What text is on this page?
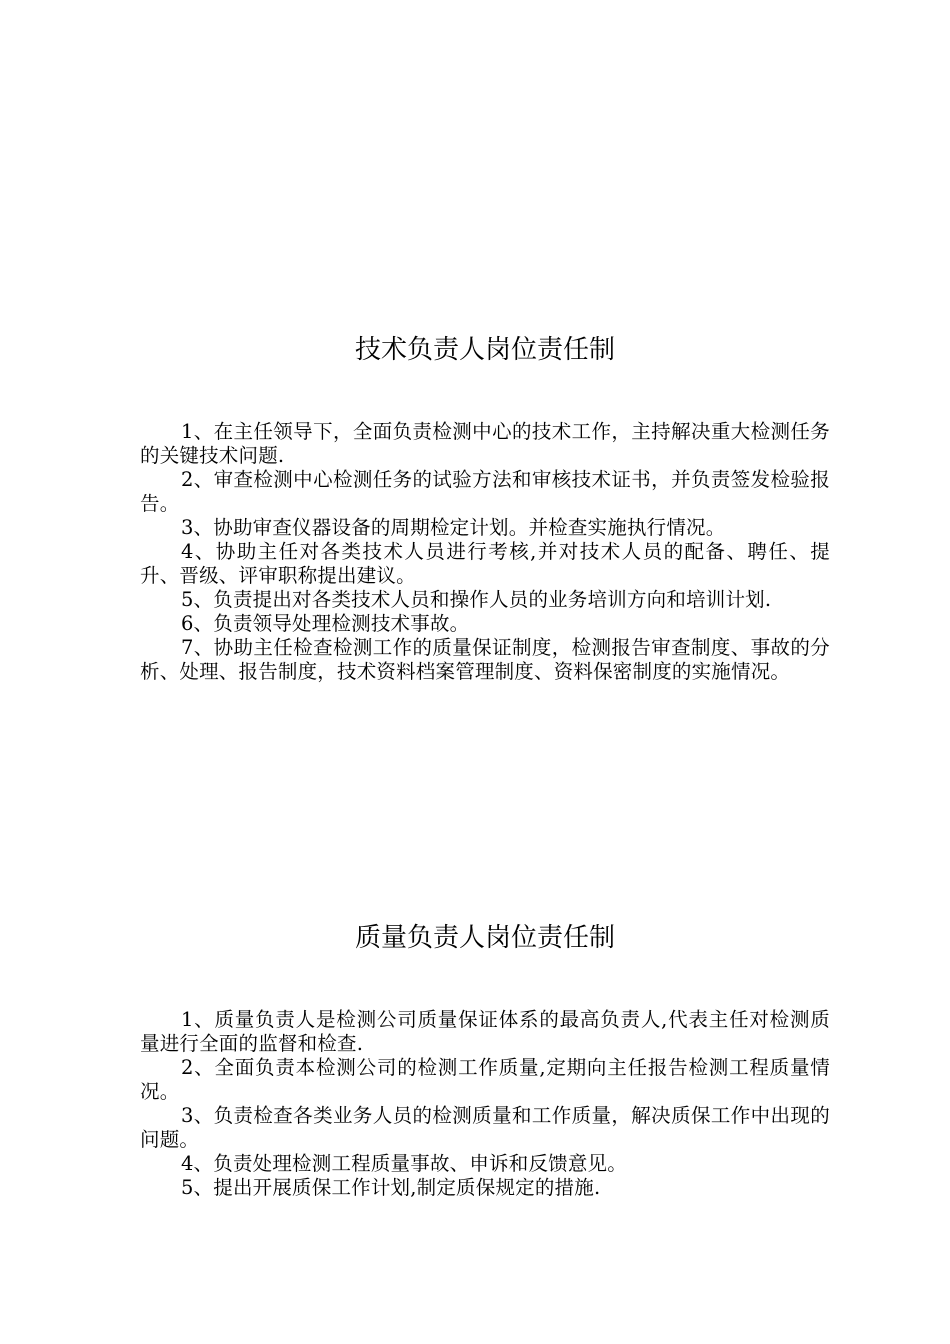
技术负责人岗位责任制

1、在主任领导下，全面负责检测中心的技术工作，主持解决重大检测任务的关键技术问题.

2、审查检测中心检测任务的试验方法和审核技术证书，并负责签发检验报告。

3、协助审查仪器设备的周期检定计划。并检查实施执行情况。

4、协助主任对各类技术人员进行考核,并对技术人员的配备、聘任、提升、晋级、评审职称提出建议。

5、负责提出对各类技术人员和操作人员的业务培训方向和培训计划.

6、负责领导处理检测技术事故。

7、协助主任检查检测工作的质量保证制度，检测报告审查制度、事故的分析、处理、报告制度，技术资料档案管理制度、资料保密制度的实施情况。

质量负责人岗位责任制

1、质量负责人是检测公司质量保证体系的最高负责人,代表主任对检测质量进行全面的监督和检查.

2、全面负责本检测公司的检测工作质量,定期向主任报告检测工程质量情况。

3、负责检查各类业务人员的检测质量和工作质量，解决质保工作中出现的问题。

4、负责处理检测工程质量事故、申诉和反馈意见。

5、提出开展质保工作计划,制定质保规定的措施.
